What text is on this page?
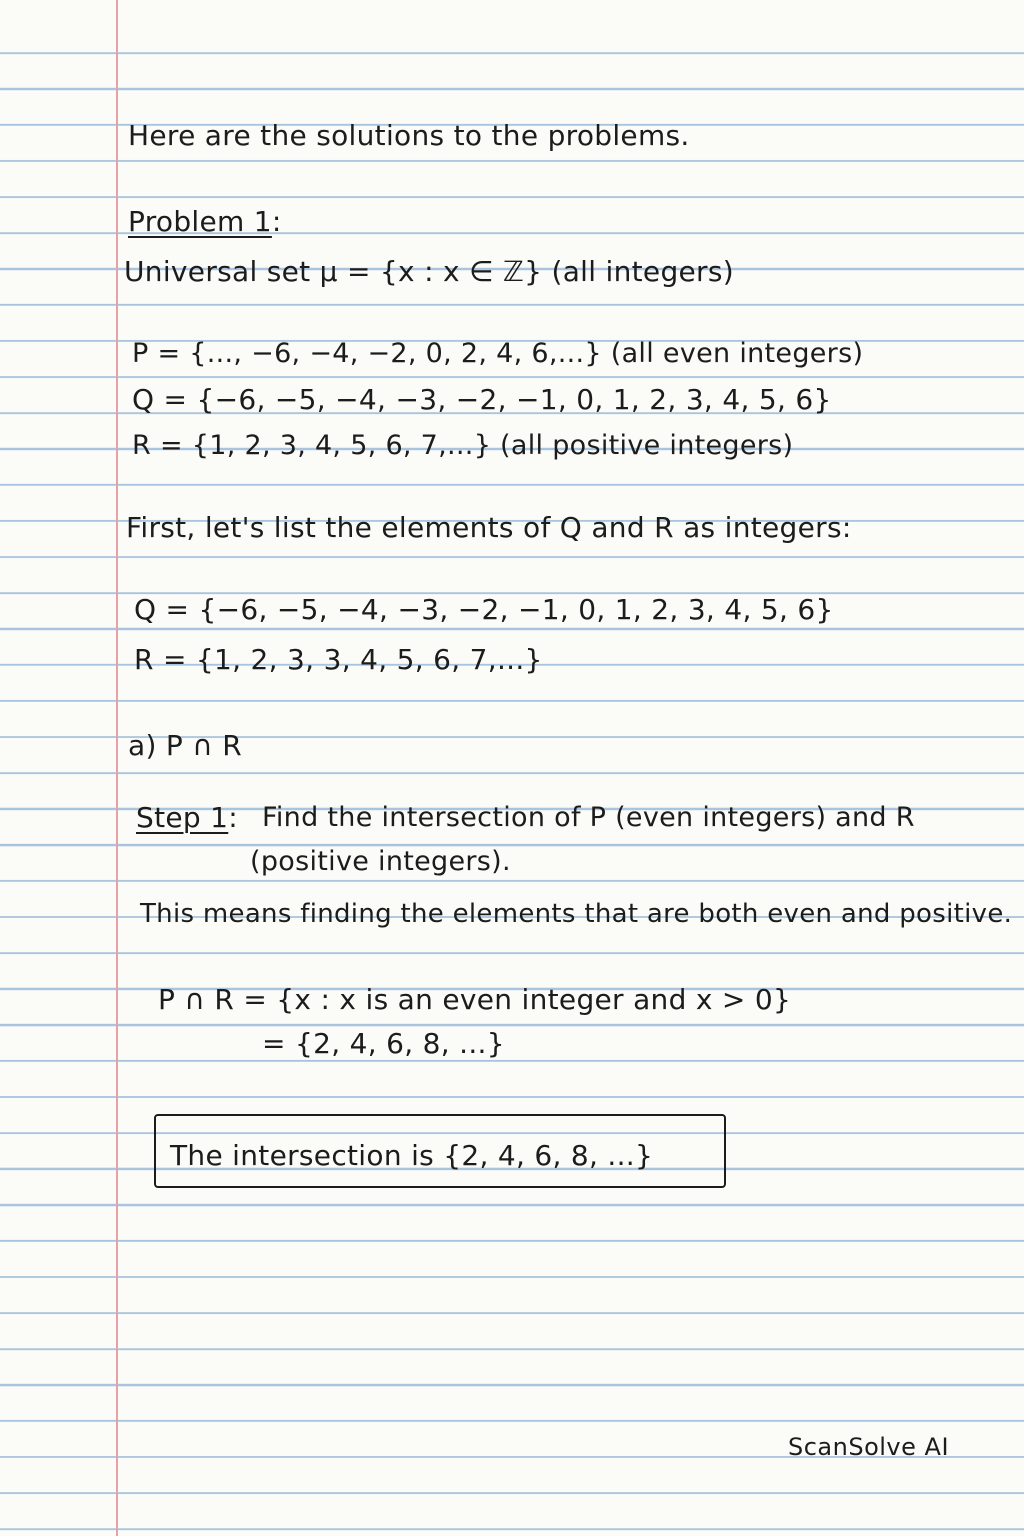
Here are the solutions to the problems.
Problem 1:
Universal set μ = {x : x ∈ ℤ} (all integers)
P = {..., −6, −4, −2, 0, 2, 4, 6,...} (all even integers)
Q = {−6, −5, −4, −3, −2, −1, 0, 1, 2, 3, 4, 5, 6}
R = {1, 2, 3, 4, 5, 6, 7,...} (all positive integers)
First, let's list the elements of Q and R as integers:
Q = {−6, −5, −4, −3, −2, −1, 0, 1, 2, 3, 4, 5, 6}
R = {1, 2, 3, 3, 4, 5, 6, 7,...}
a) P ∩ R
Step 1: Find the intersection of P (even integers) and R
(positive integers).
This means finding the elements that are both even and positive.
P ∩ R = {x : x is an even integer and x > 0}
= {2, 4, 6, 8, ...}
The intersection is {2, 4, 6, 8, ...}
ScanSolve AI
